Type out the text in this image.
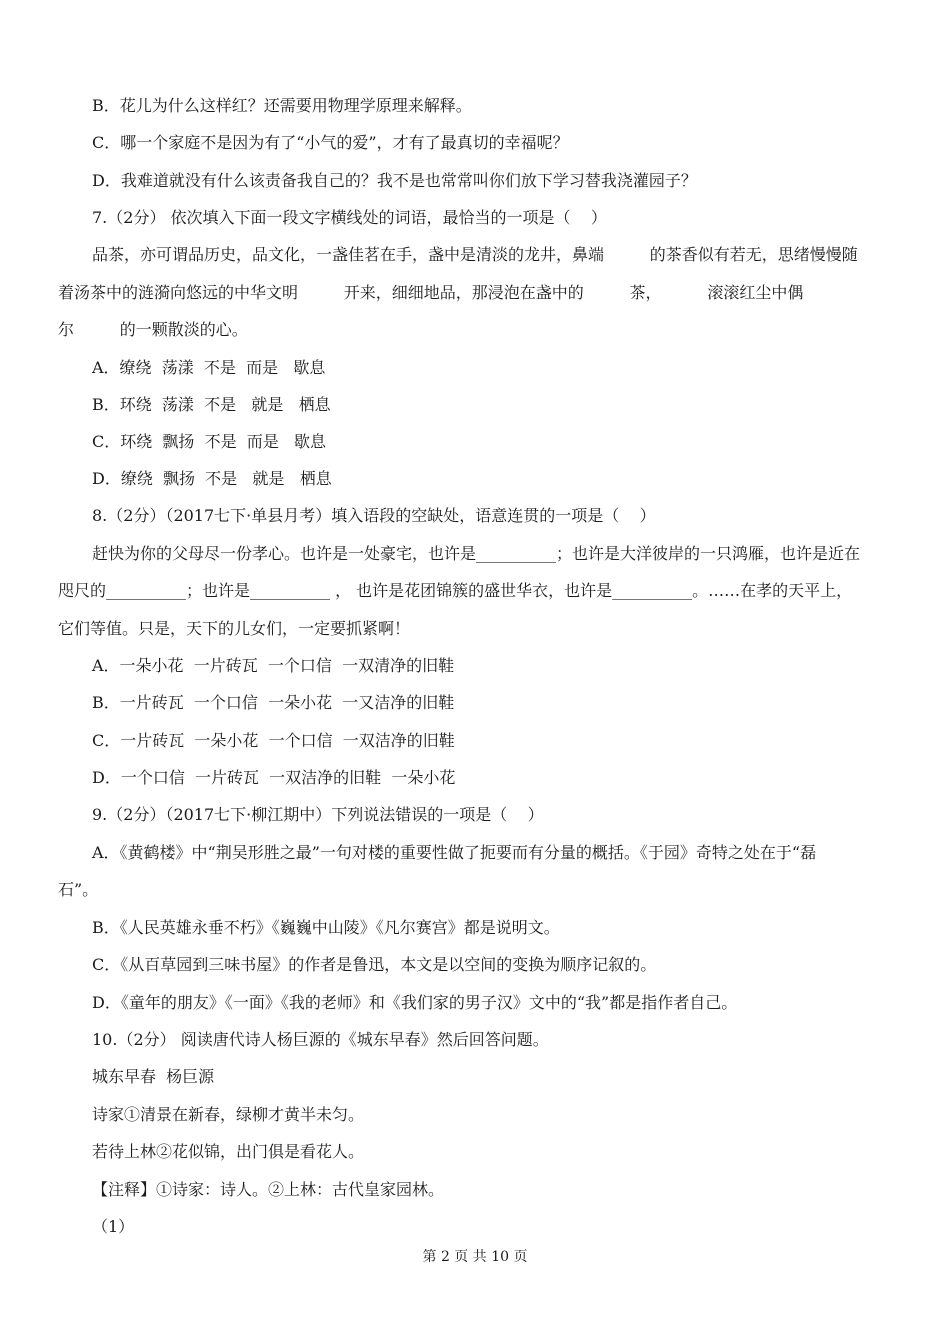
B．花儿为什么这样红？还需要用物理学原理来解释。
C．哪一个家庭不是因为有了“小气的爱”，才有了最真切的幸福呢？
D．我难道就没有什么该责备我自己的？我不是也常常叫你们放下学习替我浇灌园子？
7.（2分） 依次填入下面一段文字横线处的词语，最恰当的一项是（    ）
品茶，亦可谓品历史，品文化，一盏佳茗在手，盏中是清淡的龙井，鼻端         的茶香似有若无，思绪慢慢随
着汤茶中的涟漪向悠远的中华文明         开来，细细地品，那浸泡在盏中的         茶，         滚滚红尘中偶
尔         的一颗散淡的心。
A．缭绕  荡漾  不是  而是   歇息
B．环绕  荡漾  不是   就是   栖息
C．环绕  飘扬  不是  而是   歇息
D．缭绕  飘扬  不是   就是   栖息
8.（2分）（2017七下·单县月考）填入语段的空缺处，语意连贯的一项是（    ）
赶快为你的父母尽一份孝心。也许是一处豪宅，也许是__________；也许是大洋彼岸的一只鸿雁，也许是近在
咫尺的__________；也许是__________ ， 也许是花团锦簇的盛世华衣，也许是__________。……在孝的天平上，
它们等值。只是，天下的儿女们，一定要抓紧啊！
A．一朵小花  一片砖瓦  一个口信  一双清净的旧鞋
B．一片砖瓦  一个口信  一朵小花  一又洁净的旧鞋
C．一片砖瓦  一朵小花  一个口信  一双洁净的旧鞋
D．一个口信  一片砖瓦  一双洁净的旧鞋  一朵小花
9.（2分）（2017七下·柳江期中）下列说法错误的一项是（    ）
A．《黄鹤楼》中“荆吴形胜之最”一句对楼的重要性做了扼要而有分量的概括。《于园》奇特之处在于“磊
石”。
B．《人民英雄永垂不朽》《巍巍中山陵》《凡尔赛宫》都是说明文。
C．《从百草园到三味书屋》的作者是鲁迅，本文是以空间的变换为顺序记叙的。
D．《童年的朋友》《一面》《我的老师》和《我们家的男子汉》文中的“我”都是指作者自己。
10.（2分） 阅读唐代诗人杨巨源的《城东早春》然后回答问题。
城东早春  杨巨源
诗家①清景在新春，绿柳才黄半未匀。
若待上林②花似锦，出门俱是看花人。
【注释】①诗家：诗人。②上林：古代皇家园林。
（1）
第 2 页 共 10 页
